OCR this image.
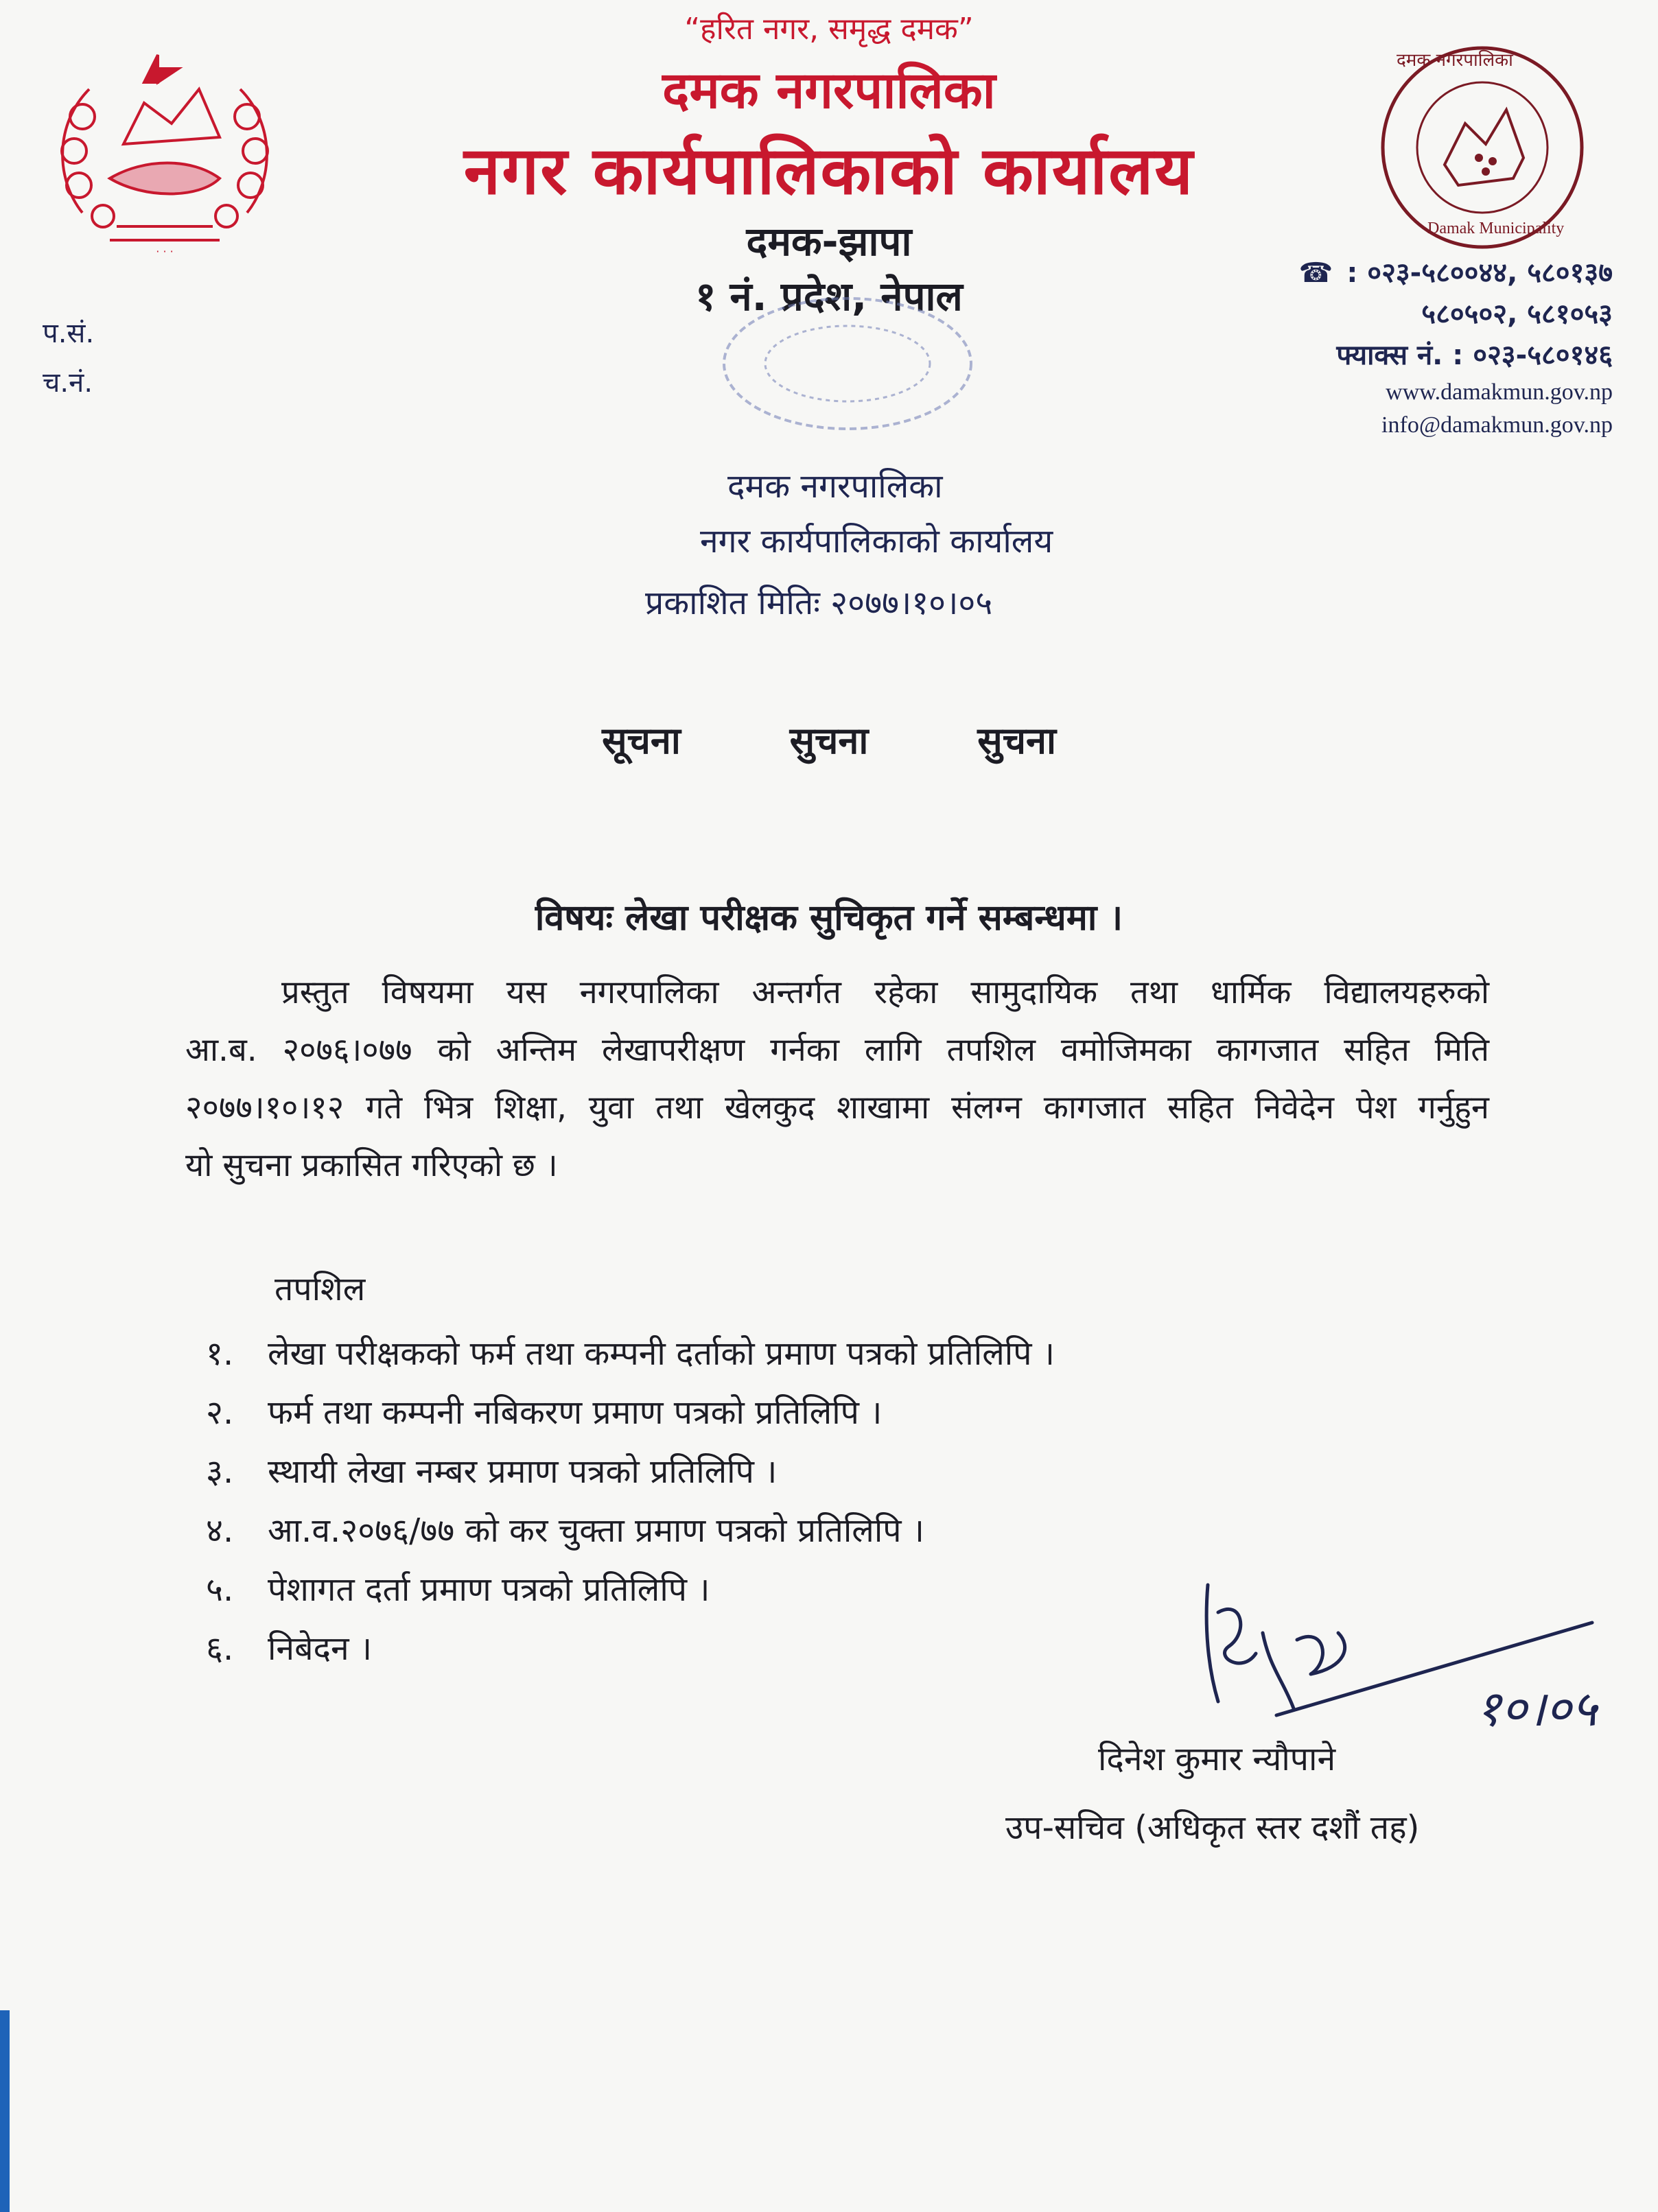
· · ·
दमक नगरपालिका
Damak Municipality
“हरित नगर, समृद्ध दमक”
दमक नगरपालिका
नगर कार्यपालिकाको कार्यालय
दमक-झापा
१ नं. प्रदेश, नेपाल
प.सं.
च.नं.
☎ : ०२३-५८००४४, ५८०१३७
५८०५०२, ५८१०५३
फ्याक्स नं. : ०२३-५८०१४६
www.damakmun.gov.np
info@damakmun.gov.np
दमक नगरपालिका
नगर कार्यपालिकाको कार्यालय
प्रकाशित मितिः २०७७।१०।०५
सूचना	सुचना	सुचना
विषयः लेखा परीक्षक सुचिकृत गर्ने सम्बन्धमा ।
प्रस्तुत विषयमा यस नगरपालिका अन्तर्गत रहेका सामुदायिक तथा धार्मिक विद्यालयहरुको
आ.ब. २०७६।०७७ को अन्तिम लेखापरीक्षण गर्नका लागि तपशिल वमोजिमका कागजात सहित मिति
२०७७।१०।१२ गते भित्र शिक्षा, युवा तथा खेलकुद शाखामा संलग्न कागजात सहित निवेदेन पेश गर्नुहुन
यो सुचना प्रकासित गरिएको छ ।
तपशिल
१. लेखा परीक्षकको फर्म तथा कम्पनी दर्ताको प्रमाण पत्रको प्रतिलिपि ।
२. फर्म तथा कम्पनी नबिकरण प्रमाण पत्रको प्रतिलिपि ।
३. स्थायी लेखा नम्बर प्रमाण पत्रको प्रतिलिपि ।
४. आ.व.२०७६/७७ को कर चुक्ता प्रमाण पत्रको प्रतिलिपि ।
५. पेशागत दर्ता प्रमाण पत्रको प्रतिलिपि ।
६. निबेदन ।
१०।०५
दिनेश कुमार न्यौपाने
उप-सचिव (अधिकृत स्तर दशौं तह)
